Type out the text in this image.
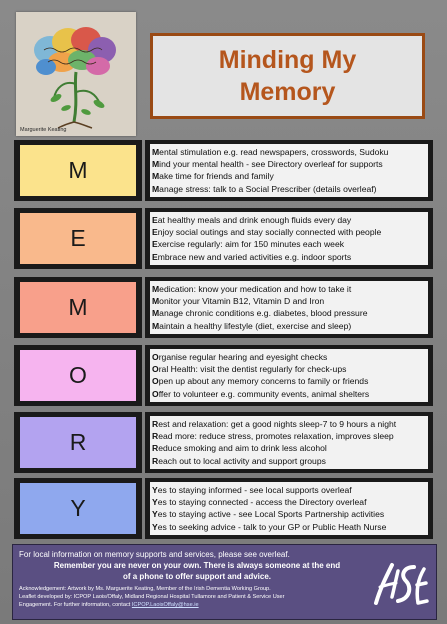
Marguerite Keating
Minding My
Memory
M
Mental stimulation e.g. read newspapers, crosswords, Sudoku
Mind your mental health - see Directory overleaf for supports
Make time for friends and family
Manage stress: talk to a Social Prescriber (details overleaf)
E
Eat healthy meals and drink enough fluids every day
Enjoy social outings and stay socially connected with people
Exercise regularly: aim for 150 minutes each week
Embrace new and varied activities e.g. indoor sports
M
Medication: know your medication and how to take it
Monitor your Vitamin B12, Vitamin D and Iron
Manage chronic conditions e.g. diabetes, blood pressure
Maintain a healthy lifestyle (diet, exercise and sleep)
O
Organise regular hearing and eyesight checks
Oral Health: visit the dentist regularly for check-ups
Open up about any memory concerns to family or friends
Offer to volunteer e.g. community events, animal shelters
R
Rest and relaxation: get a good nights sleep-7 to 9 hours a night
Read more: reduce stress, promotes relaxation, improves sleep
Reduce smoking and aim to drink less alcohol
Reach out to local activity and support groups
Y
Yes to staying informed - see local supports overleaf
Yes to staying connected - access the Directory overleaf
Yes to staying active - see Local Sports Partnership activities
Yes to seeking advice - talk to your GP or Public Heath Nurse
For local information on memory supports and services, please see overleaf.
Remember you are never on your own. There is always someone at the end
of a phone to offer support and advice.
Acknowledgement: Artwork by Ms. Marguerite Keating, Member of the Irish Dementia Working Group.
Leaflet developed by: ICPOP Laois/Offaly, Midland Regional Hospital Tullamore and Patient & Service User
Engagement. For further information, contact ICPOP.LaoisOffaly@hse.ie
